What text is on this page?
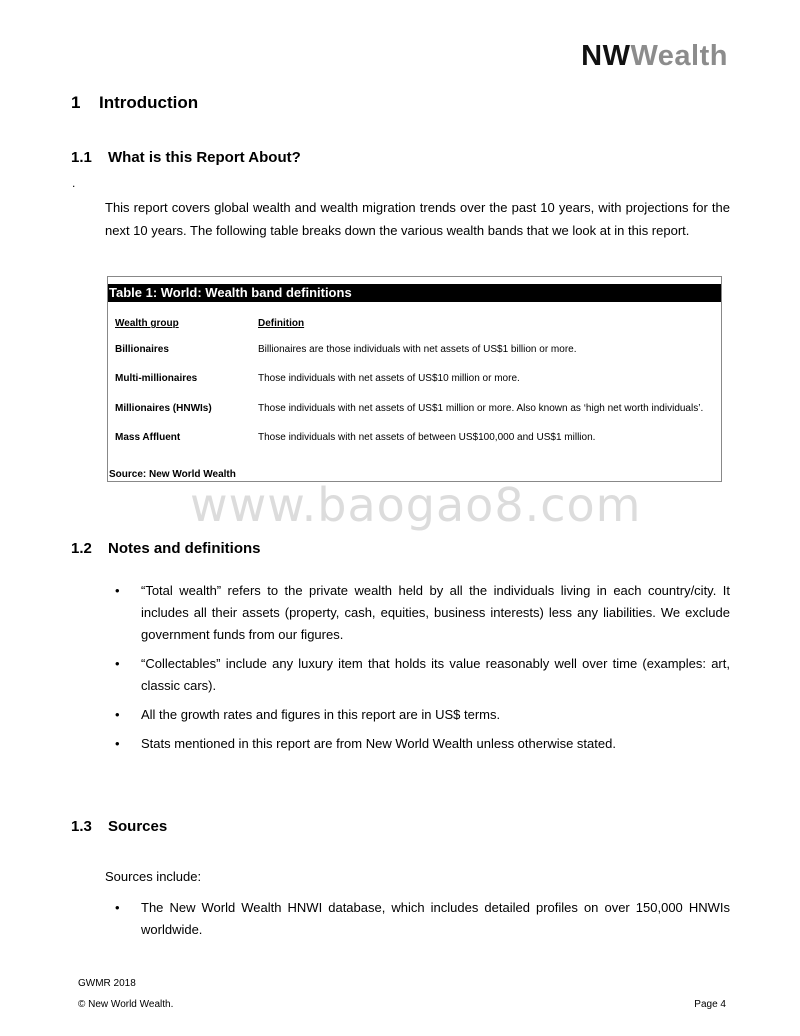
NWWealth
1 Introduction
1.1 What is this Report About?
.

This report covers global wealth and wealth migration trends over the past 10 years, with projections for the next 10 years. The following table breaks down the various wealth bands that we look at in this report.

Table 1: World: Wealth band definitions
Wealth group	Definition
Billionaires	Billionaires are those individuals with net assets of US$1 billion or more.
Multi-millionaires	Those individuals with net assets of US$10 million or more.
Millionaires (HNWIs)	Those individuals with net assets of US$1 million or more. Also known as ‘high net worth individuals’.
Mass Affluent	Those individuals with net assets of between US$100,000 and US$1 million.
Source: New World Wealth
www.baogao8.com
1.2 Notes and definitions
• “Total wealth” refers to the private wealth held by all the individuals living in each country/city. It includes all their assets (property, cash, equities, business interests) less any liabilities. We exclude government funds from our figures.
• “Collectables” include any luxury item that holds its value reasonably well over time (examples: art, classic cars).
• All the growth rates and figures in this report are in US$ terms.
• Stats mentioned in this report are from New World Wealth unless otherwise stated.
1.3 Sources
Sources include:
• The New World Wealth HNWI database, which includes detailed profiles on over 150,000 HNWIs worldwide.
GWMR 2018
© New World Wealth.	Page 4
